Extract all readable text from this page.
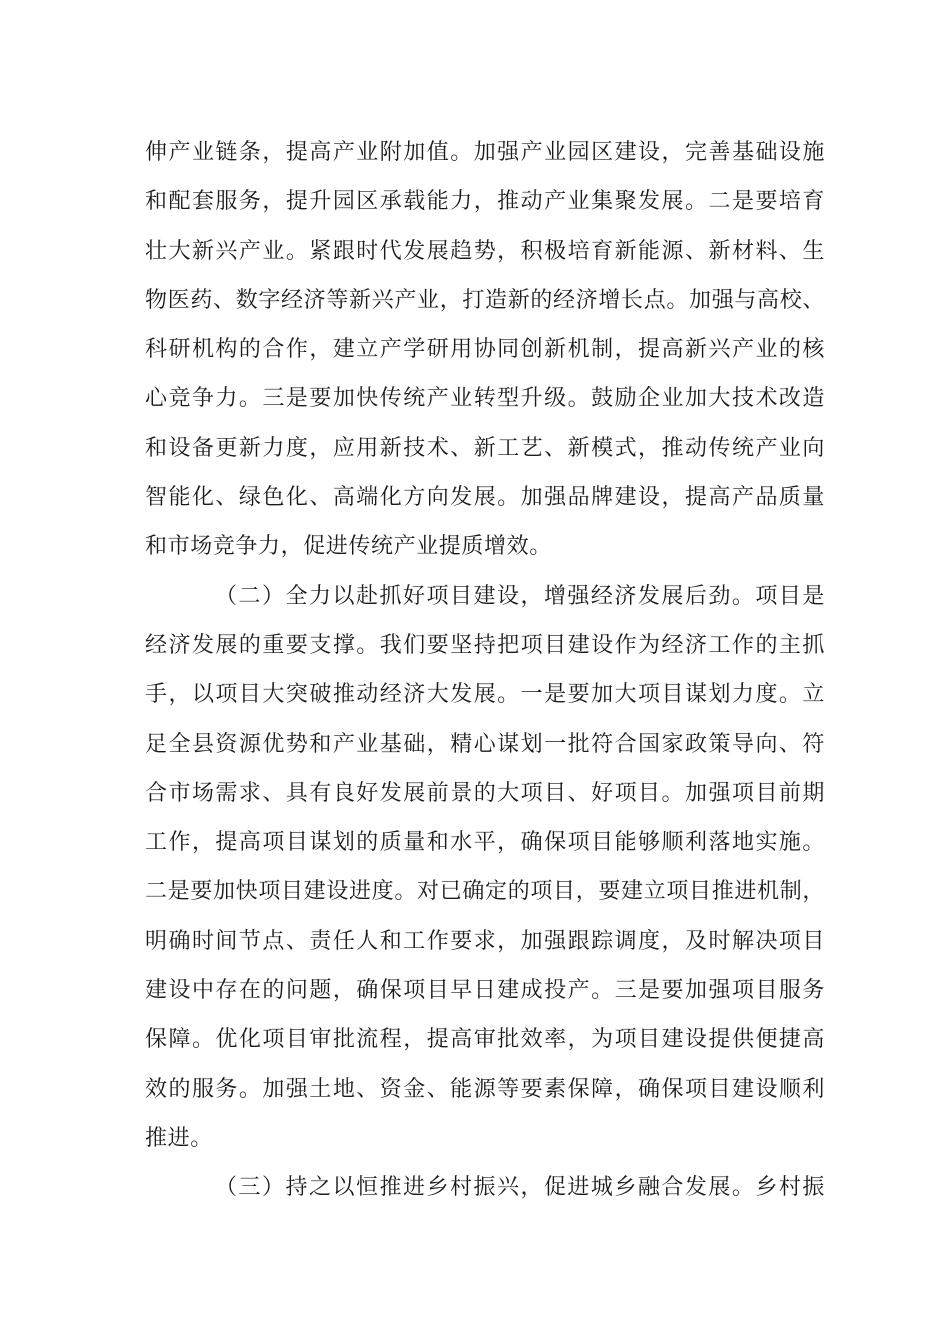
伸产业链条，提高产业附加值。加强产业园区建设，完善基础设施
和配套服务，提升园区承载能力，推动产业集聚发展。二是要培育
壮大新兴产业。紧跟时代发展趋势，积极培育新能源、新材料、生
物医药、数字经济等新兴产业，打造新的经济增长点。加强与高校、
科研机构的合作，建立产学研用协同创新机制，提高新兴产业的核
心竞争力。三是要加快传统产业转型升级。鼓励企业加大技术改造
和设备更新力度，应用新技术、新工艺、新模式，推动传统产业向
智能化、绿色化、高端化方向发展。加强品牌建设，提高产品质量
和市场竞争力，促进传统产业提质增效。
（二）全力以赴抓好项目建设，增强经济发展后劲。项目是
经济发展的重要支撑。我们要坚持把项目建设作为经济工作的主抓
手，以项目大突破推动经济大发展。一是要加大项目谋划力度。立
足全县资源优势和产业基础，精心谋划一批符合国家政策导向、符
合市场需求、具有良好发展前景的大项目、好项目。加强项目前期
工作，提高项目谋划的质量和水平，确保项目能够顺利落地实施。
二是要加快项目建设进度。对已确定的项目，要建立项目推进机制，
明确时间节点、责任人和工作要求，加强跟踪调度，及时解决项目
建设中存在的问题，确保项目早日建成投产。三是要加强项目服务
保障。优化项目审批流程，提高审批效率，为项目建设提供便捷高
效的服务。加强土地、资金、能源等要素保障，确保项目建设顺利
推进。
（三）持之以恒推进乡村振兴，促进城乡融合发展。乡村振
